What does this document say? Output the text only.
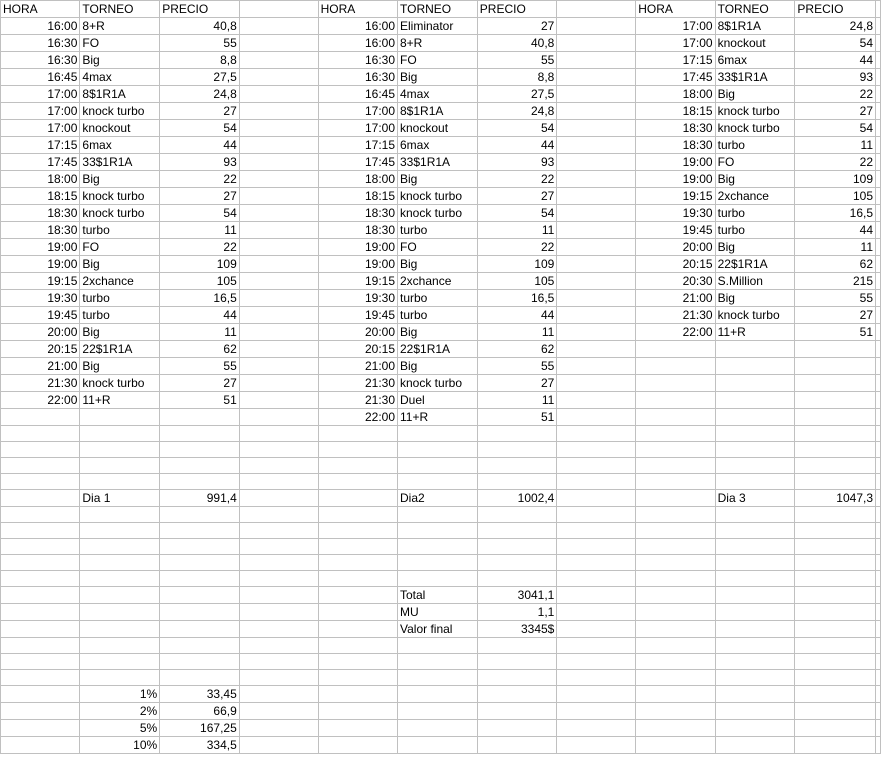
HORA	TORNEO	PRECIO		HORA	TORNEO	PRECIO		HORA	TORNEO	PRECIO	
16:00	8+R	40,8		16:00	Eliminator	27		17:00	8$1R1A	24,8	
16:30	FO	55		16:00	8+R	40,8		17:00	knockout	54	
16:30	Big	8,8		16:30	FO	55		17:15	6max	44	
16:45	4max	27,5		16:30	Big	8,8		17:45	33$1R1A	93	
17:00	8$1R1A	24,8		16:45	4max	27,5		18:00	Big	22	
17:00	knock turbo	27		17:00	8$1R1A	24,8		18:15	knock turbo	27	
17:00	knockout	54		17:00	knockout	54		18:30	knock turbo	54	
17:15	6max	44		17:15	6max	44		18:30	turbo	11	
17:45	33$1R1A	93		17:45	33$1R1A	93		19:00	FO	22	
18:00	Big	22		18:00	Big	22		19:00	Big	109	
18:15	knock turbo	27		18:15	knock turbo	27		19:15	2xchance	105	
18:30	knock turbo	54		18:30	knock turbo	54		19:30	turbo	16,5	
18:30	turbo	11		18:30	turbo	11		19:45	turbo	44	
19:00	FO	22		19:00	FO	22		20:00	Big	11	
19:00	Big	109		19:00	Big	109		20:15	22$1R1A	62	
19:15	2xchance	105		19:15	2xchance	105		20:30	S.Million	215	
19:30	turbo	16,5		19:30	turbo	16,5		21:00	Big	55	
19:45	turbo	44		19:45	turbo	44		21:30	knock turbo	27	
20:00	Big	11		20:00	Big	11		22:00	11+R	51	
20:15	22$1R1A	62		20:15	22$1R1A	62					
21:00	Big	55		21:00	Big	55					
21:30	knock turbo	27		21:30	knock turbo	27					
22:00	11+R	51		21:30	Duel	11					
				22:00	11+R	51					

	Dia 1	991,4			Dia2	1002,4			Dia 3	1047,3	

					Total	3041,1					
					MU	1,1					
					Valor final	3345$					

	1%	33,45									
	2%	66,9									
	5%	167,25									
	10%	334,5									
